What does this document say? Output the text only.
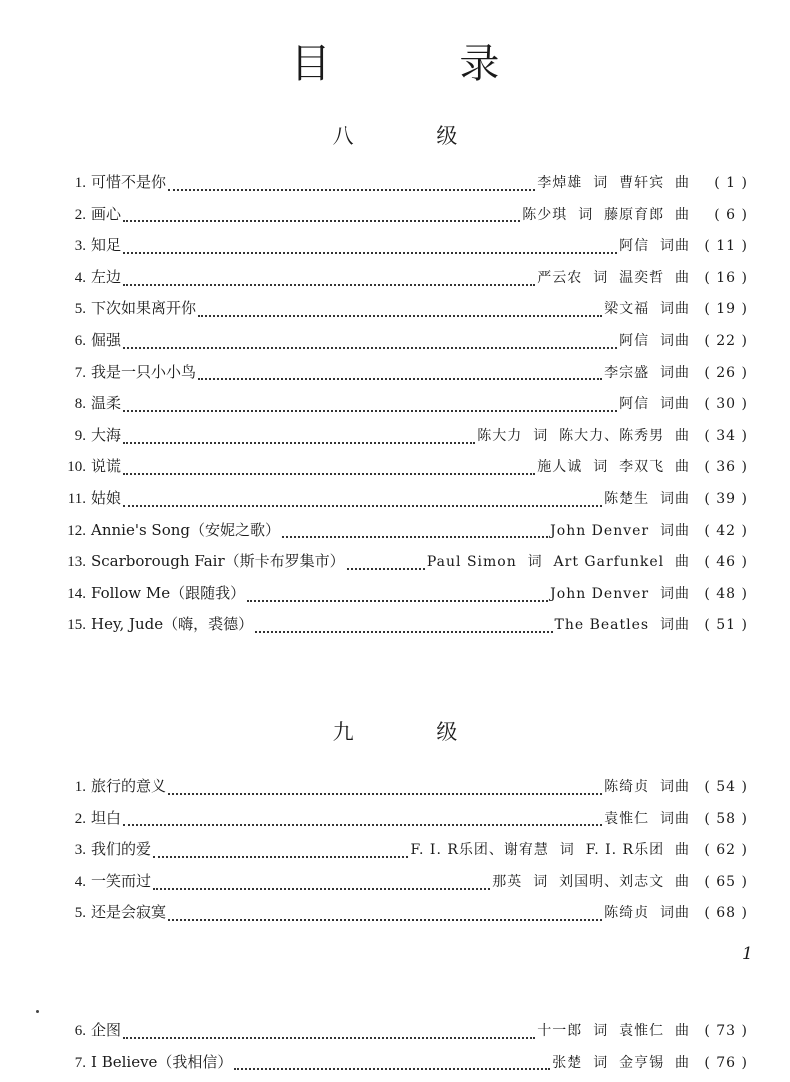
目 录
八 级
1. 可惜不是你	李焯雄  词  曹轩宾  曲	( 1 )
2. 画心	陈少琪  词  藤原育郎  曲	( 6 )
3. 知足	阿信  词曲	( 11 )
4. 左边	严云农  词  温奕哲  曲	( 16 )
5. 下次如果离开你	梁文福  词曲	( 19 )
6. 倔强	阿信  词曲	( 22 )
7. 我是一只小小鸟	李宗盛  词曲	( 26 )
8. 温柔	阿信  词曲	( 30 )
9. 大海	陈大力  词  陈大力、陈秀男  曲	( 34 )
10. 说谎	施人诚  词  李双飞  曲	( 36 )
11. 姑娘	陈楚生  词曲	( 39 )
12. Annie's Song（安妮之歌）	John Denver  词曲	( 42 )
13. Scarborough Fair（斯卡布罗集市）	Paul Simon  词  Art Garfunkel  曲	( 46 )
14. Follow Me（跟随我）	John Denver  词曲	( 48 )
15. Hey, Jude（嗨，裘德）	The Beatles  词曲	( 51 )
九 级
1. 旅行的意义	陈绮贞  词曲	( 54 )
2. 坦白	袁惟仁  词曲	( 58 )
3. 我们的爱	F. I. R乐团、谢宥慧  词  F. I. R乐团  曲	( 62 )
4. 一笑而过	那英  词  刘国明、刘志文  曲	( 65 )
5. 还是会寂寞	陈绮贞  词曲	( 68 )
1
6. 企图	十一郎  词  袁惟仁  曲	( 73 )
7. I Believe（我相信）	张楚  词  金亨锡  曲	( 76 )
